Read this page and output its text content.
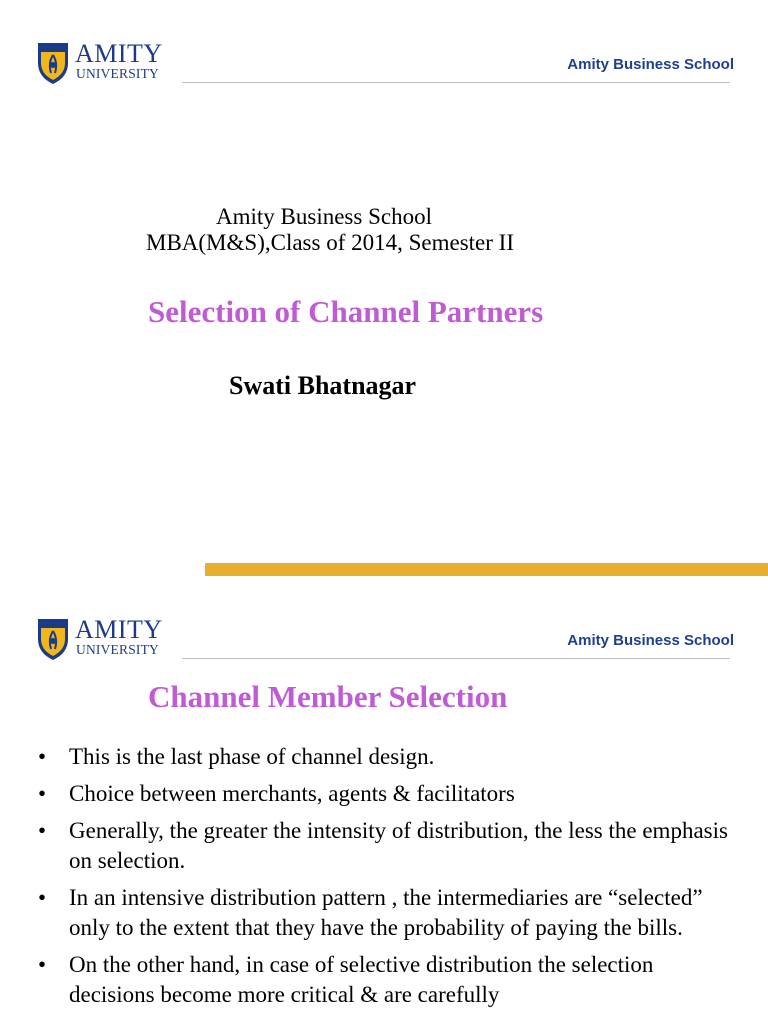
AMITY
UNIVERSITY
Amity Business School
Amity Business School
MBA(M&S),Class of 2014, Semester II
Selection of Channel Partners
Swati Bhatnagar
AMITY
UNIVERSITY
Amity Business School
Channel Member Selection
• This is the last phase of channel design.
• Choice between merchants, agents & facilitators
• Generally, the greater the intensity of distribution, the less the emphasis on selection.
• In an intensive distribution pattern , the intermediaries are “selected” only to the extent that they have the probability of paying the bills.
• On the other hand, in case of selective distribution the selection decisions become more critical & are carefully
